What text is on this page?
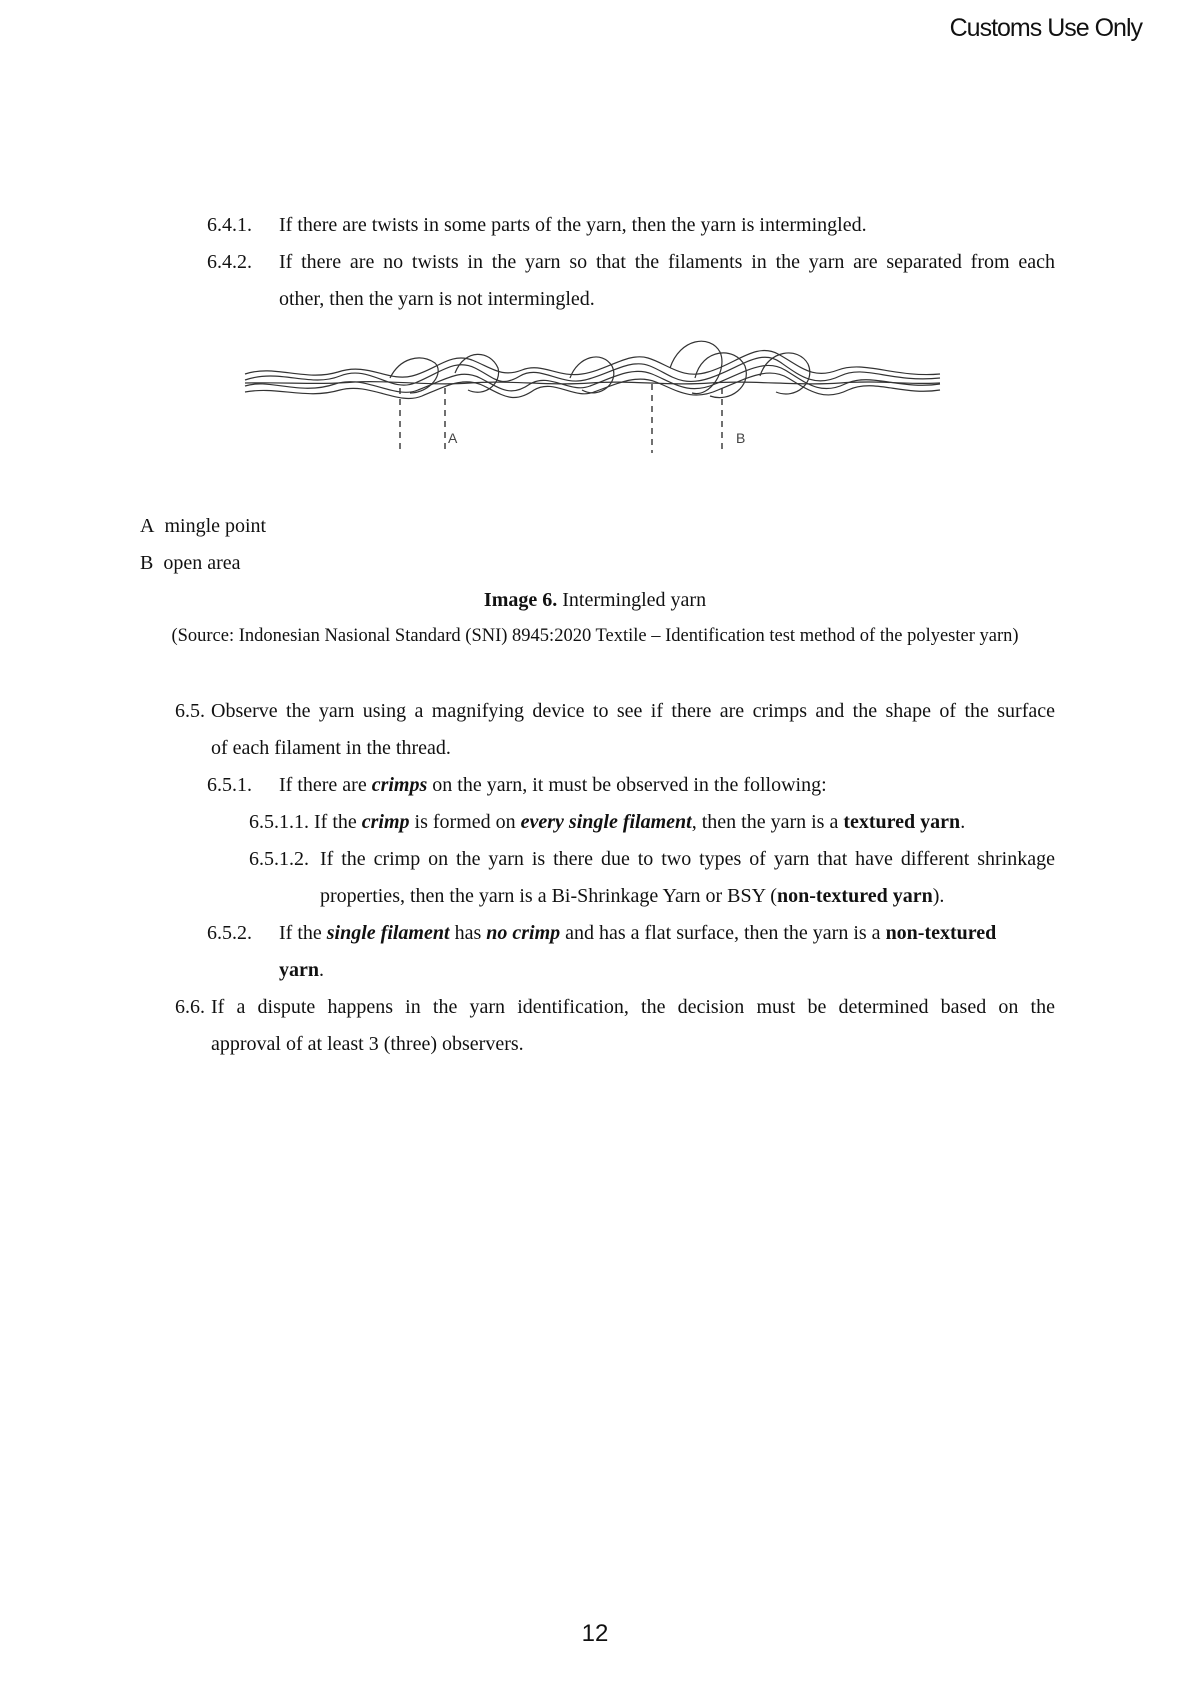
Customs Use Only
6.4.1. If there are twists in some parts of the yarn, then the yarn is intermingled.
6.4.2. If there are no twists in the yarn so that the filaments in the yarn are separated from each
other, then the yarn is not intermingled.
A	B
A mingle point
B open area
Image 6. Intermingled yarn
(Source: Indonesian Nasional Standard (SNI) 8945:2020 Textile – Identification test method of the polyester yarn)
6.5. Observe the yarn using a magnifying device to see if there are crimps and the shape of the surface
of each filament in the thread.
6.5.1. If there are crimps on the yarn, it must be observed in the following:
6.5.1.1. If the crimp is formed on every single filament, then the yarn is a textured yarn.
6.5.1.2. If the crimp on the yarn is there due to two types of yarn that have different shrinkage
properties, then the yarn is a Bi-Shrinkage Yarn or BSY (non-textured yarn).
6.5.2. If the single filament has no crimp and has a flat surface, then the yarn is a non-textured
yarn.
6.6. If a dispute happens in the yarn identification, the decision must be determined based on the
approval of at least 3 (three) observers.
12
